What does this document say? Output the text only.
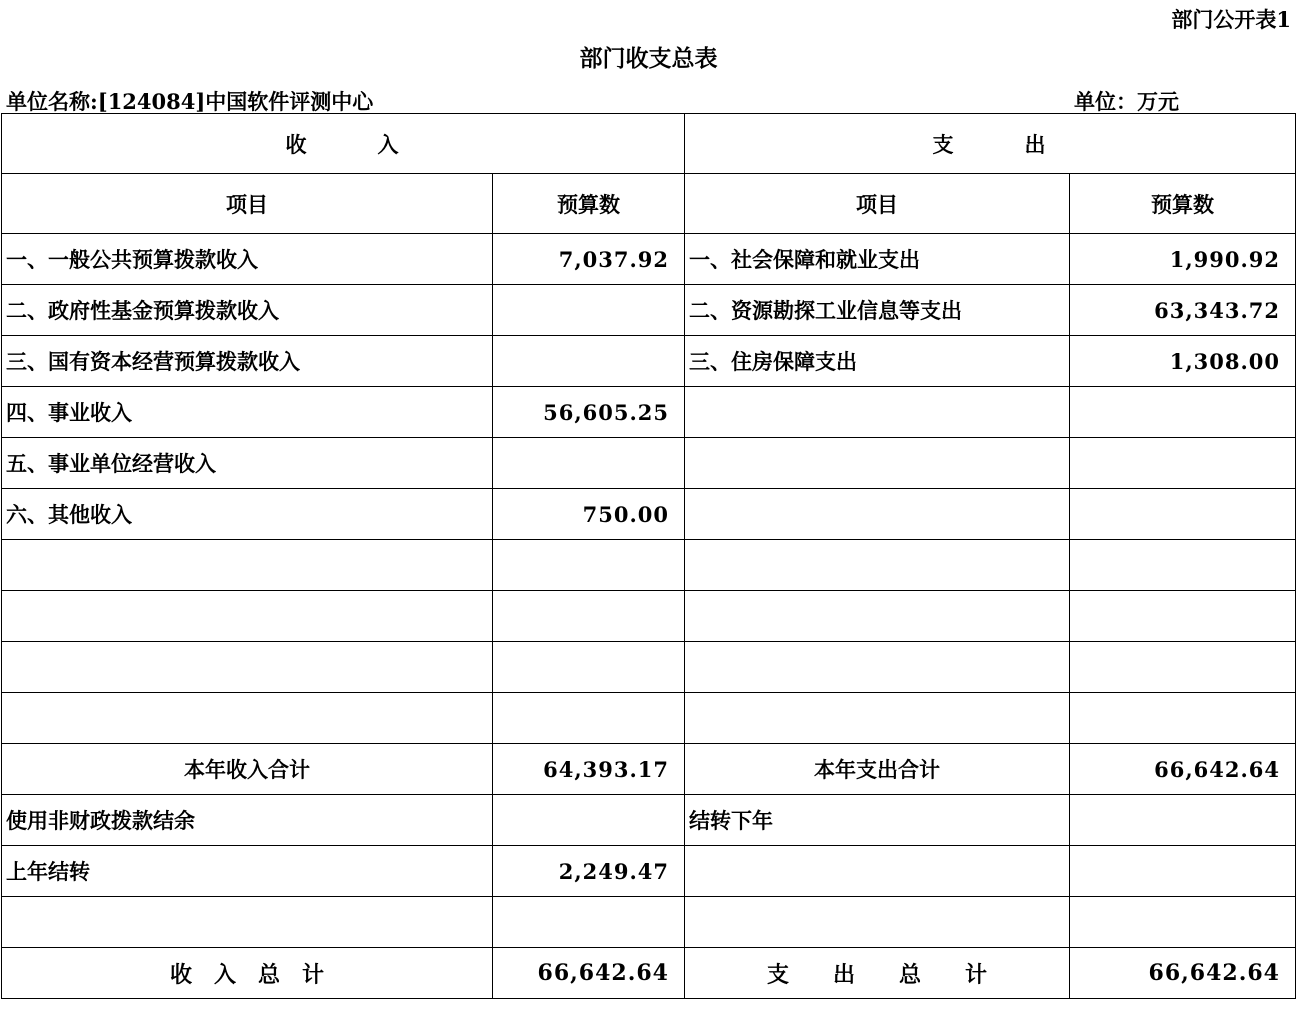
部门公开表1
部门收支总表
单位名称:[124084]中国软件评测中心	单位：万元
收　　　入		支　　　出	
项目	预算数	项目	预算数
一、一般公共预算拨款收入	7,037.92	一、社会保障和就业支出	1,990.92
二、政府性基金预算拨款收入		二、资源勘探工业信息等支出	63,343.72
三、国有资本经营预算拨款收入		三、住房保障支出	1,308.00
四、事业收入	56,605.25		
五、事业单位经营收入			
六、其他收入	750.00		

本年收入合计	64,393.17	本年支出合计	66,642.64
使用非财政拨款结余		结转下年	
上年结转	2,249.47		

收　入　总　计	66,642.64	支　　出　　总　　计	66,642.64
